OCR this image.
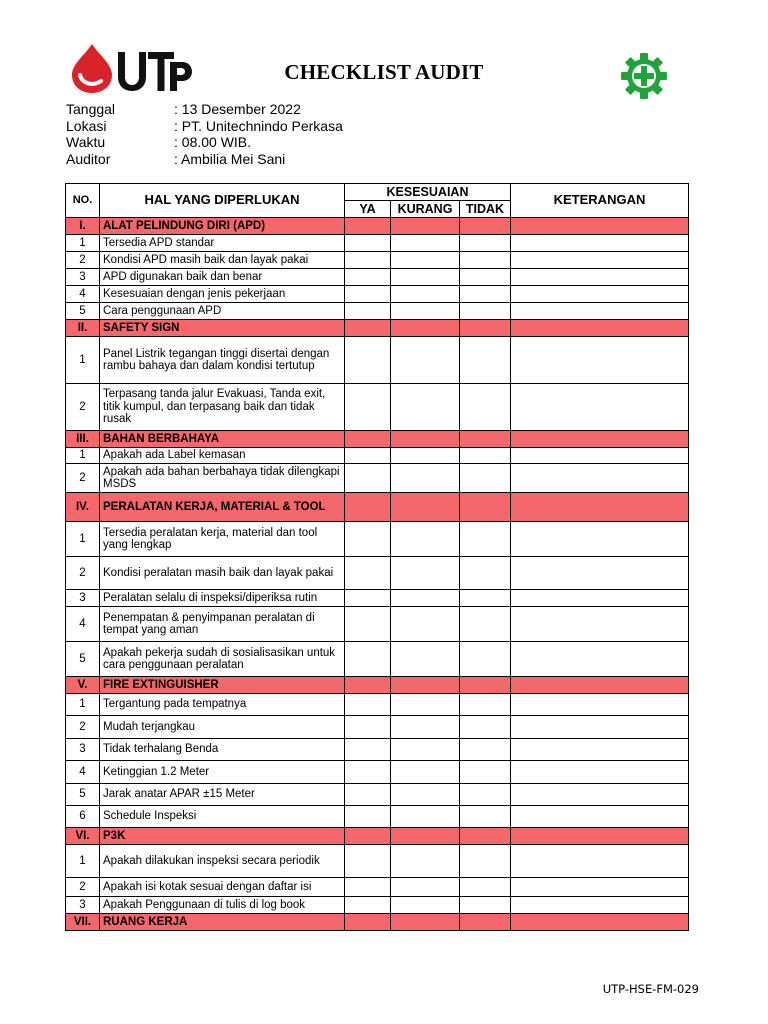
CHECKLIST AUDIT
Tanggal	: 13 Desember 2022
Lokasi	: PT. Unitechnindo Perkasa
Waktu	: 08.00 WIB.
Auditor	: Ambilia Mei Sani
NO.	HAL YANG DIPERLUKAN	KESESUAIAN			KETERANGAN
		YA	KURANG	TIDAK	
I.	ALAT PELINDUNG DIRI (APD)				
1	Tersedia APD standar				
2	Kondisi APD masih baik dan layak pakai				
3	APD digunakan baik dan benar				
4	Kesesuaian dengan jenis pekerjaan				
5	Cara penggunaan APD				
II.	SAFETY SIGN				
1	Panel Listrik tegangan tinggi disertai dengan rambu bahaya dan dalam kondisi tertutup				
2	Terpasang tanda jalur Evakuasi, Tanda exit, titik kumpul, dan terpasang baik dan tidak rusak				
III.	BAHAN BERBAHAYA				
1	Apakah ada Label kemasan				
2	Apakah ada bahan berbahaya tidak dilengkapi MSDS				
IV.	PERALATAN KERJA, MATERIAL & TOOL				
1	Tersedia peralatan kerja, material dan tool yang lengkap				
2	Kondisi peralatan masih baik dan layak pakai				
3	Peralatan selalu di inspeksi/diperiksa rutin				
4	Penempatan & penyimpanan peralatan di tempat yang aman				
5	Apakah pekerja sudah di sosialisasikan untuk cara penggunaan peralatan				
V.	FIRE EXTINGUISHER				
1	Tergantung pada tempatnya				
2	Mudah terjangkau				
3	Tidak terhalang Benda				
4	Ketinggian 1.2 Meter				
5	Jarak anatar APAR ±15 Meter				
6	Schedule Inspeksi				
VI.	P3K				
1	Apakah dilakukan inspeksi secara periodik				
2	Apakah isi kotak sesuai dengan daftar isi				
3	Apakah Penggunaan di tulis di log book				
VII.	RUANG KERJA				
UTP-HSE-FM-029
